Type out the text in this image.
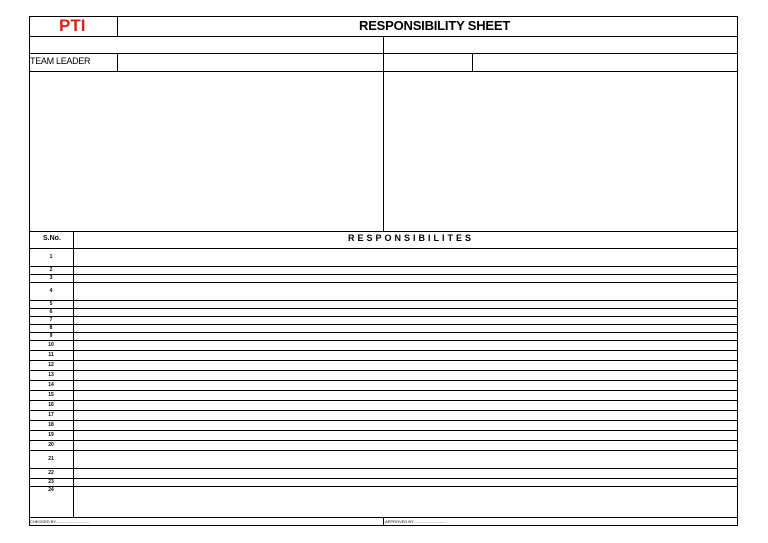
PTI	RESPONSIBILITY SHEET
TEAM LEADER
S.No.	RESPONSIBILITES
1
2
3
4
5
6
7
8
9
10
11
12
13
14
15
16
17
18
19
20
21
22
23
24
CHECKED BY..............................	APPROVED BY..............................
